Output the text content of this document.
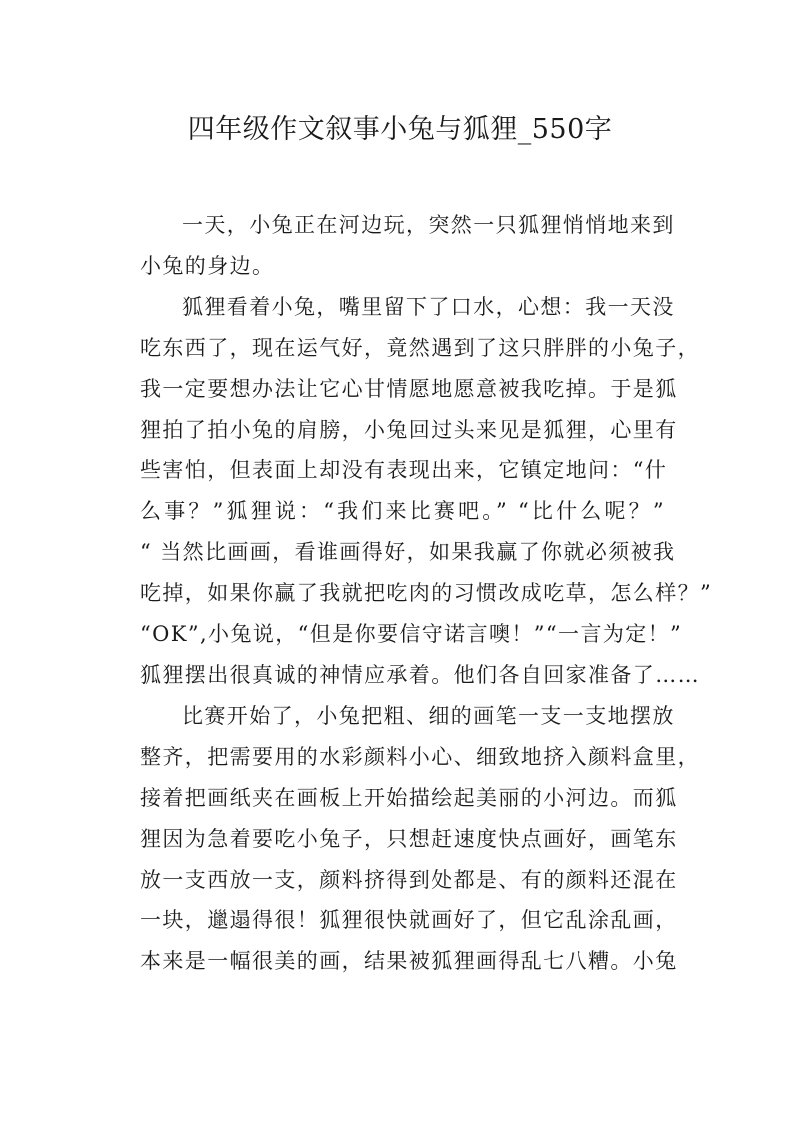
四年级作文叙事小兔与狐狸_550字
一天，小兔正在河边玩，突然一只狐狸悄悄地来到
小兔的身边。
狐狸看着小兔，嘴里留下了口水，心想：我一天没
吃东西了，现在运气好，竟然遇到了这只胖胖的小兔子，
我一定要想办法让它心甘情愿地愿意被我吃掉。于是狐
狸拍了拍小兔的肩膀，小兔回过头来见是狐狸，心里有
些害怕，但表面上却没有表现出来，它镇定地问：“什
么事？”狐狸说：“我们来比赛吧。” “比什么呢？”
“ 当然比画画，看谁画得好，如果我赢了你就必须被我
吃掉，如果你赢了我就把吃肉的习惯改成吃草，怎么样？”
“OK”,小兔说，“但是你要信守诺言噢！”“一言为定！”
狐狸摆出很真诚的神情应承着。他们各自回家准备了……
比赛开始了，小兔把粗、细的画笔一支一支地摆放
整齐，把需要用的水彩颜料小心、细致地挤入颜料盒里，
接着把画纸夹在画板上开始描绘起美丽的小河边。而狐
狸因为急着要吃小兔子，只想赶速度快点画好，画笔东
放一支西放一支，颜料挤得到处都是、有的颜料还混在
一块，邋遢得很！狐狸很快就画好了，但它乱涂乱画，
本来是一幅很美的画，结果被狐狸画得乱七八糟。小兔
